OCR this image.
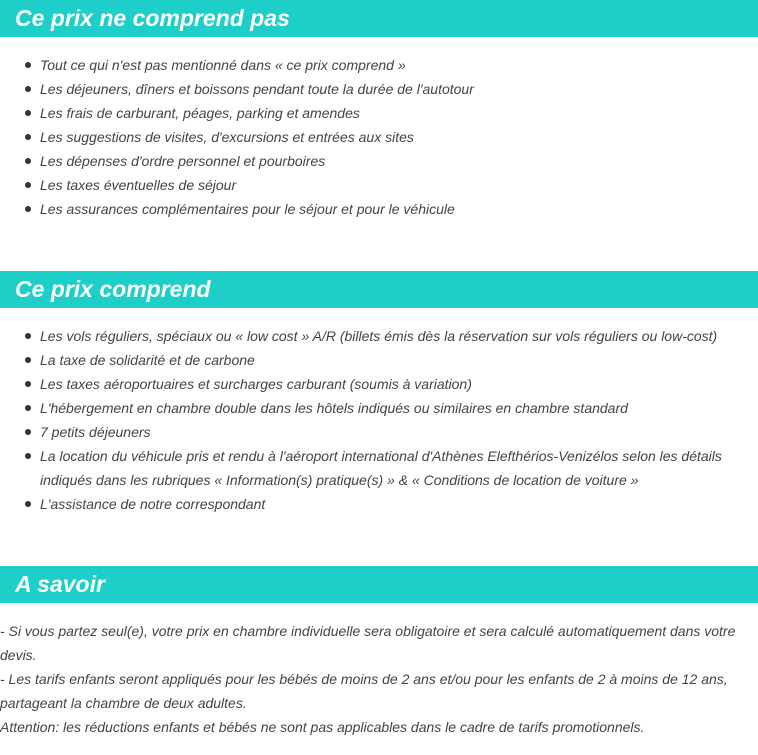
Ce prix ne comprend pas
Tout ce qui n'est pas mentionné dans « ce prix comprend »
Les déjeuners, dîners et boissons pendant toute la durée de l'autotour
Les frais de carburant, péages, parking et amendes
Les suggestions de visites, d'excursions et entrées aux sites
Les dépenses d'ordre personnel et pourboires
Les taxes éventuelles de séjour
Les assurances complémentaires pour le séjour et pour le véhicule
Ce prix comprend
Les vols réguliers, spéciaux ou « low cost » A/R (billets émis dès la réservation sur vols réguliers ou low-cost)
La taxe de solidarité et de carbone
Les taxes aéroportuaires et surcharges carburant (soumis à variation)
L'hébergement en chambre double dans les hôtels indiqués ou similaires en chambre standard
7 petits déjeuners
La location du véhicule pris et rendu à l'aéroport international d'Athènes Elefthérios-Venizélos selon les détails indiqués dans les rubriques « Information(s) pratique(s) » & « Conditions de location de voiture »
L'assistance de notre correspondant
A savoir

- Si vous partez seul(e), votre prix en chambre individuelle sera obligatoire et sera calculé automatiquement dans votre devis.

- Les tarifs enfants seront appliqués pour les bébés de moins de 2 ans et/ou pour les enfants de 2 à moins de 12 ans, partageant la chambre de deux adultes.

Attention: les réductions enfants et bébés ne sont pas applicables dans le cadre de tarifs promotionnels.
